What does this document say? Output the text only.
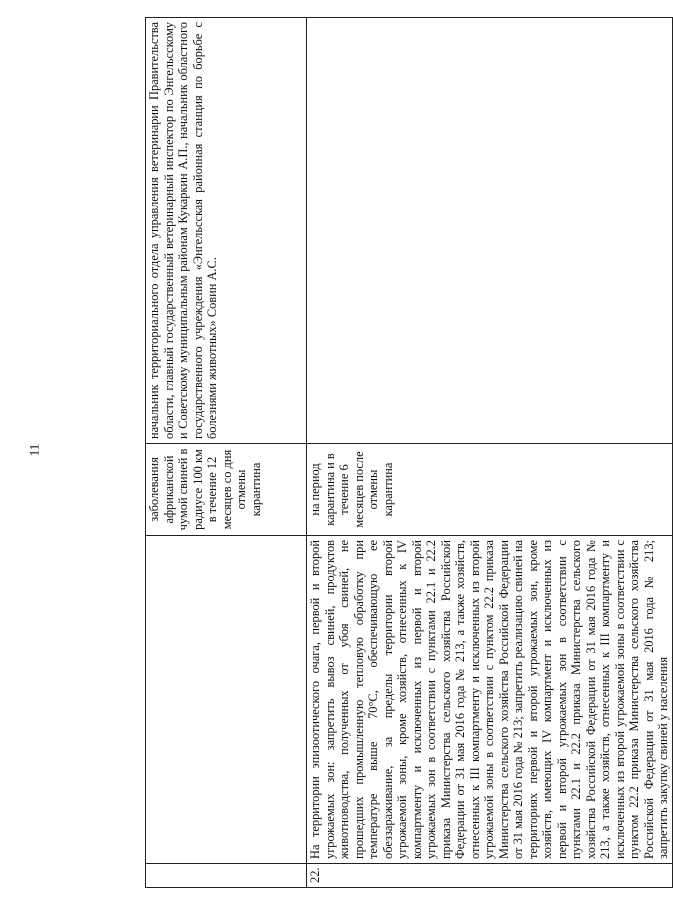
11
		заболевания африканской чумой свиней в радиусе 100 км в течение 12 месяцев со дня отмены карантина	начальник территориального отдела управления ветеринарии Правительства области, главный государственный ветеринарный инспектор по Энгельсскому и Советскому муниципальным районам Кукаркин А.П., начальник областного государственного учреждения «Энгельсская районная станция по борьбе с болезнями животных» Совин А.С.
22.	На территории эпизоотического очага, первой и второй угрожаемых зон: запретить вывоз свиней, продуктов животноводства, полученных от убоя свиней, не прошедших промышленную тепловую обработку при температуре выше 70°С, обеспечивающую ее обеззараживание, за пределы территории второй угрожаемой зоны, кроме хозяйств, отнесенных к IV компартменту и исключенных из первой и второй угрожаемых зон в соответствии с пунктами 22.1 и 22.2 приказа Министерства сельского хозяйства Российской Федерации от 31 мая 2016 года № 213, а также хозяйств, отнесенных к III компартменту и исключенных из второй угрожаемой зоны в соответствии с пунктом 22.2 приказа Министерства сельского хозяйства Российской Федерации от 31 мая 2016 года № 213; запретить реализацию свиней на территориях первой и второй угрожаемых зон, кроме хозяйств, имеющих IV компартмент и исключенных из первой и второй угрожаемых зон в соответствии с пунктами 22.1 и 22.2 приказа Министерства сельского хозяйства Российской Федерации от 31 мая 2016 года № 213, а также хозяйств, отнесенных к III компартменту и исключенных из второй угрожаемой зоны в соответствии с пунктом 22.2 приказа Министерства сельского хозяйства Российской Федерации от 31 мая 2016 года № 213; запретить закупку свиней у населения	на период карантина и в течение 6 месяцев после отмены карантина	
